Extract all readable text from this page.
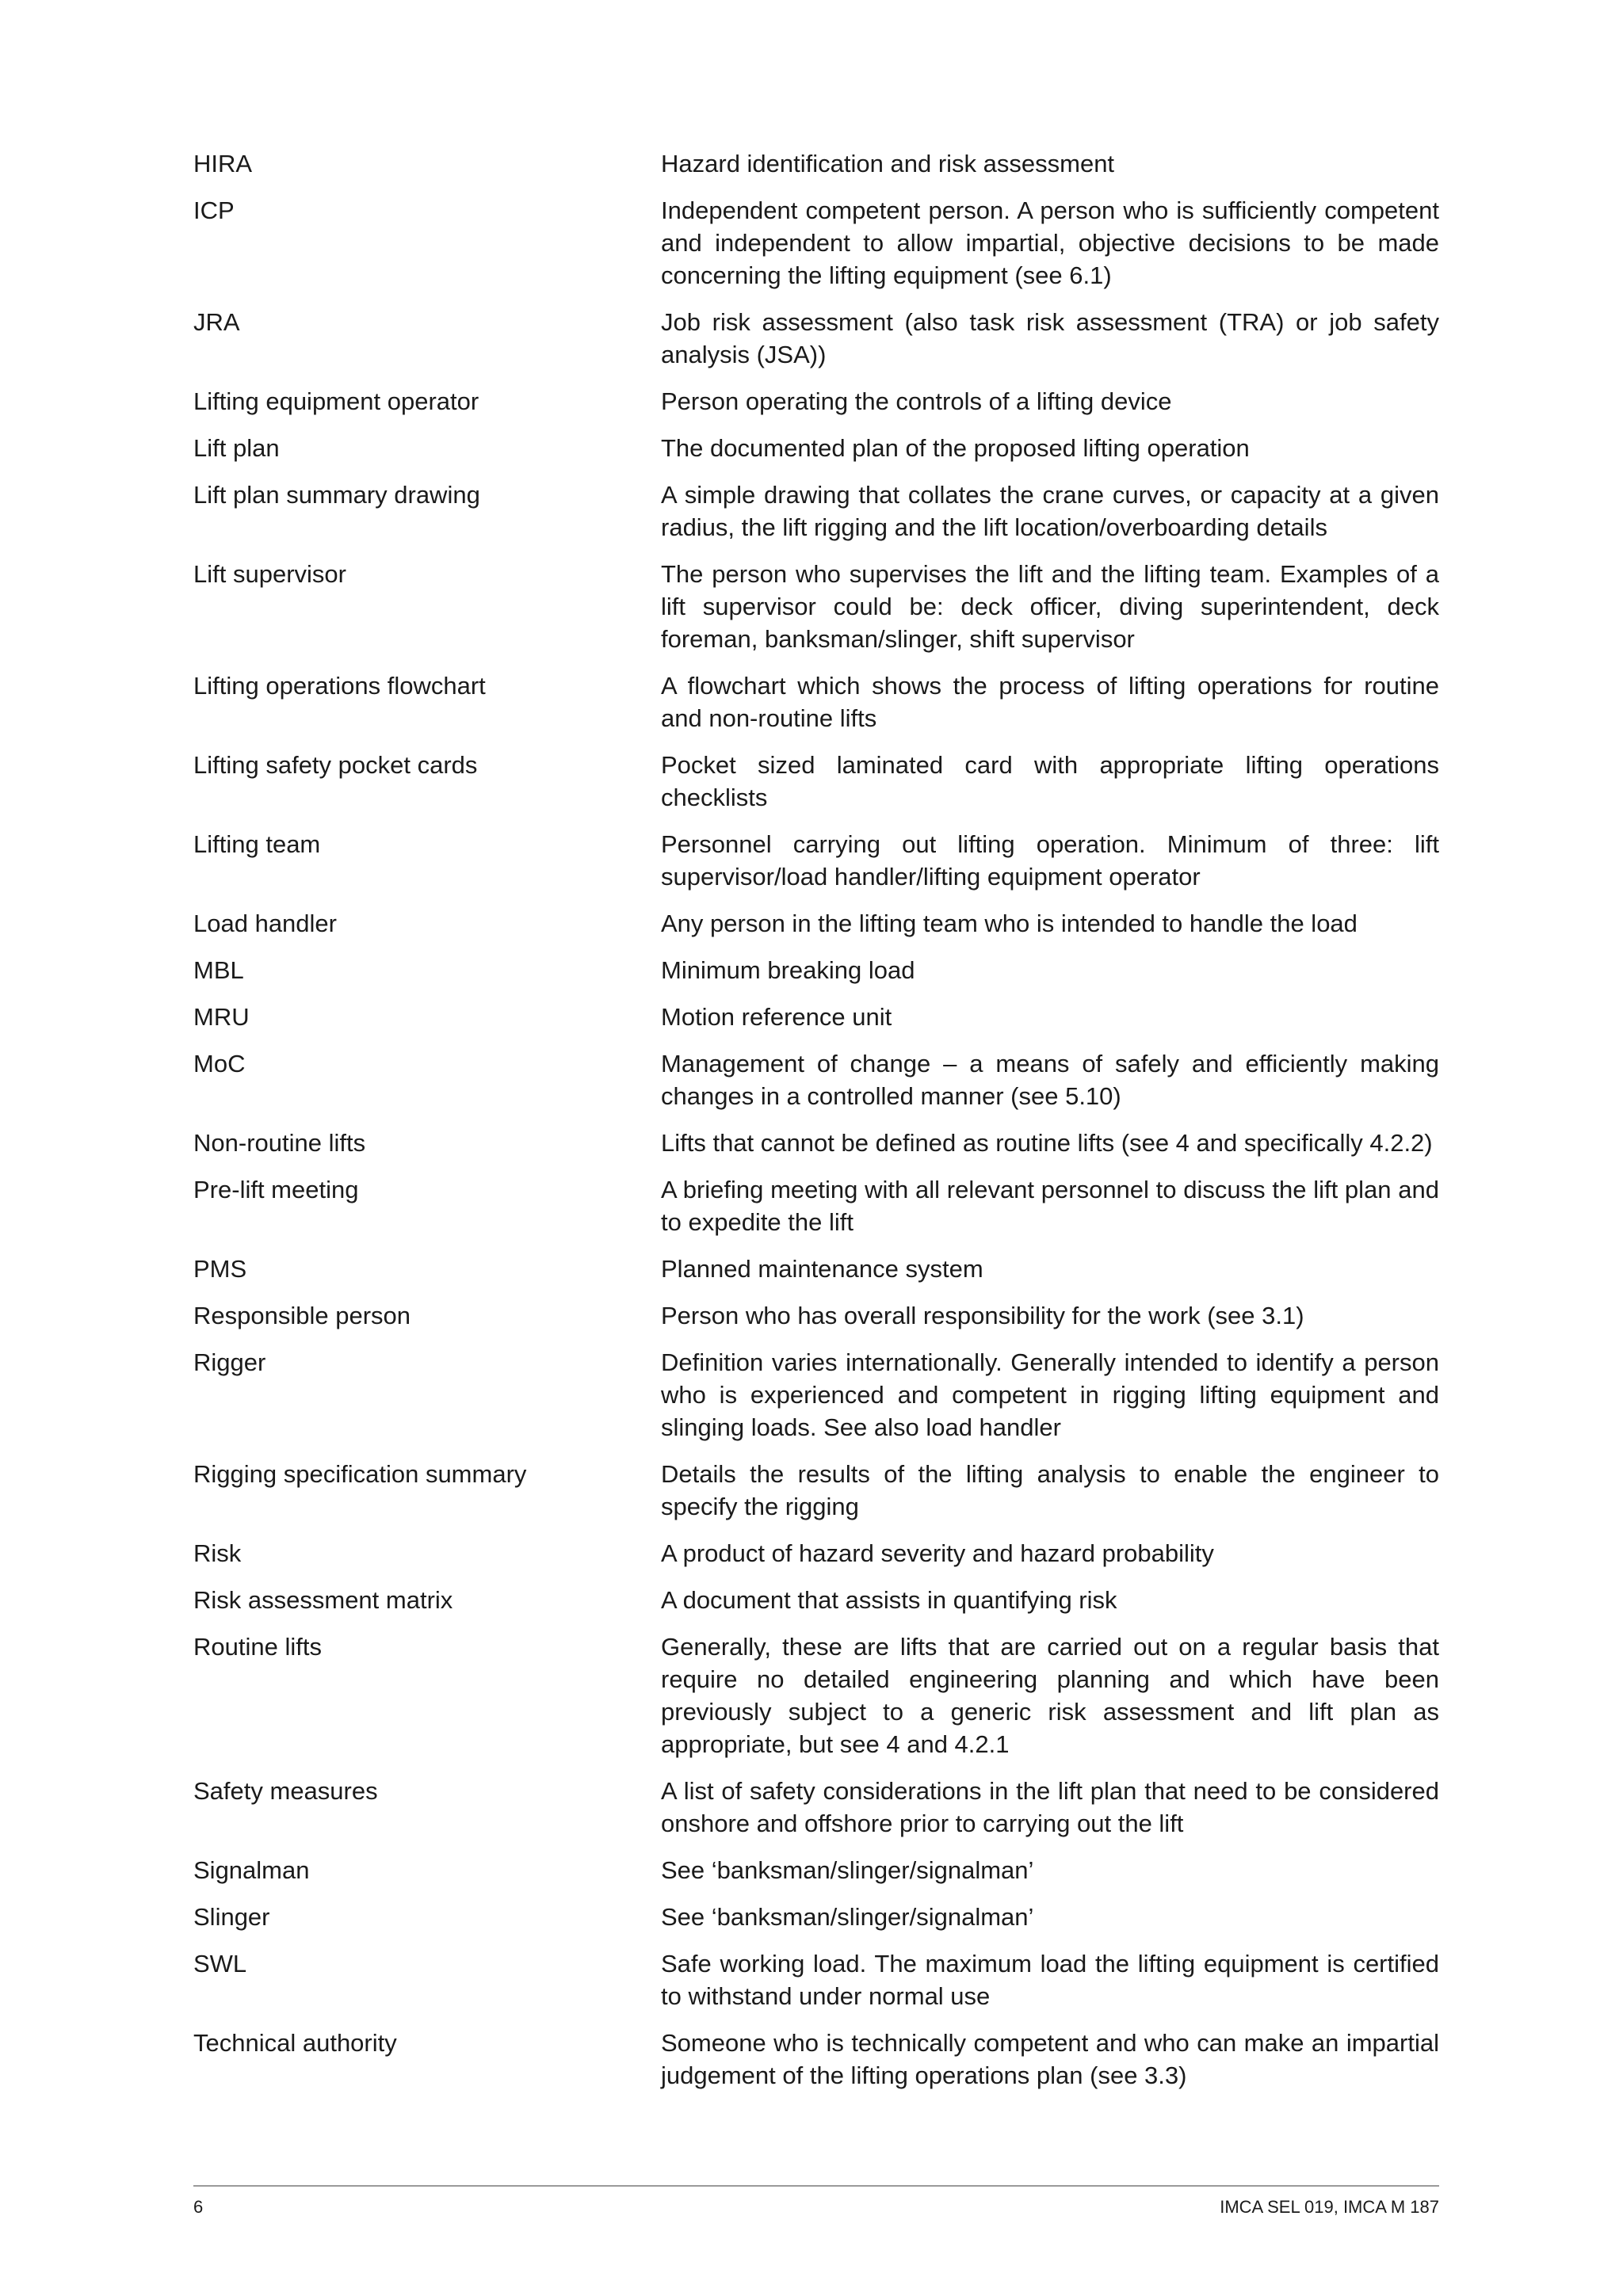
HIRA	Hazard identification and risk assessment
ICP	Independent competent person. A person who is sufficiently competent and independent to allow impartial, objective decisions to be made concerning the lifting equipment (see 6.1)
JRA	Job risk assessment (also task risk assessment (TRA) or job safety analysis (JSA))
Lifting equipment operator	Person operating the controls of a lifting device
Lift plan	The documented plan of the proposed lifting operation
Lift plan summary drawing	A simple drawing that collates the crane curves, or capacity at a given radius, the lift rigging and the lift location/overboarding details
Lift supervisor	The person who supervises the lift and the lifting team. Examples of a lift supervisor could be: deck officer, diving superintendent, deck foreman, banksman/slinger, shift supervisor
Lifting operations flowchart	A flowchart which shows the process of lifting operations for routine and non-routine lifts
Lifting safety pocket cards	Pocket sized laminated card with appropriate lifting operations checklists
Lifting team	Personnel carrying out lifting operation. Minimum of three: lift supervisor/load handler/lifting equipment operator
Load handler	Any person in the lifting team who is intended to handle the load
MBL	Minimum breaking load
MRU	Motion reference unit
MoC	Management of change – a means of safely and efficiently making changes in a controlled manner (see 5.10)
Non-routine lifts	Lifts that cannot be defined as routine lifts (see 4 and specifically 4.2.2)
Pre-lift meeting	A briefing meeting with all relevant personnel to discuss the lift plan and to expedite the lift
PMS	Planned maintenance system
Responsible person	Person who has overall responsibility for the work (see 3.1)
Rigger	Definition varies internationally. Generally intended to identify a person who is experienced and competent in rigging lifting equipment and slinging loads. See also load handler
Rigging specification summary	Details the results of the lifting analysis to enable the engineer to specify the rigging
Risk	A product of hazard severity and hazard probability
Risk assessment matrix	A document that assists in quantifying risk
Routine lifts	Generally, these are lifts that are carried out on a regular basis that require no detailed engineering planning and which have been previously subject to a generic risk assessment and lift plan as appropriate, but see 4 and 4.2.1
Safety measures	A list of safety considerations in the lift plan that need to be considered onshore and offshore prior to carrying out the lift
Signalman	See ‘banksman/slinger/signalman’
Slinger	See ‘banksman/slinger/signalman’
SWL	Safe working load. The maximum load the lifting equipment is certified to withstand under normal use
Technical authority	Someone who is technically competent and who can make an impartial judgement of the lifting operations plan (see 3.3)
6	IMCA SEL 019, IMCA M 187
